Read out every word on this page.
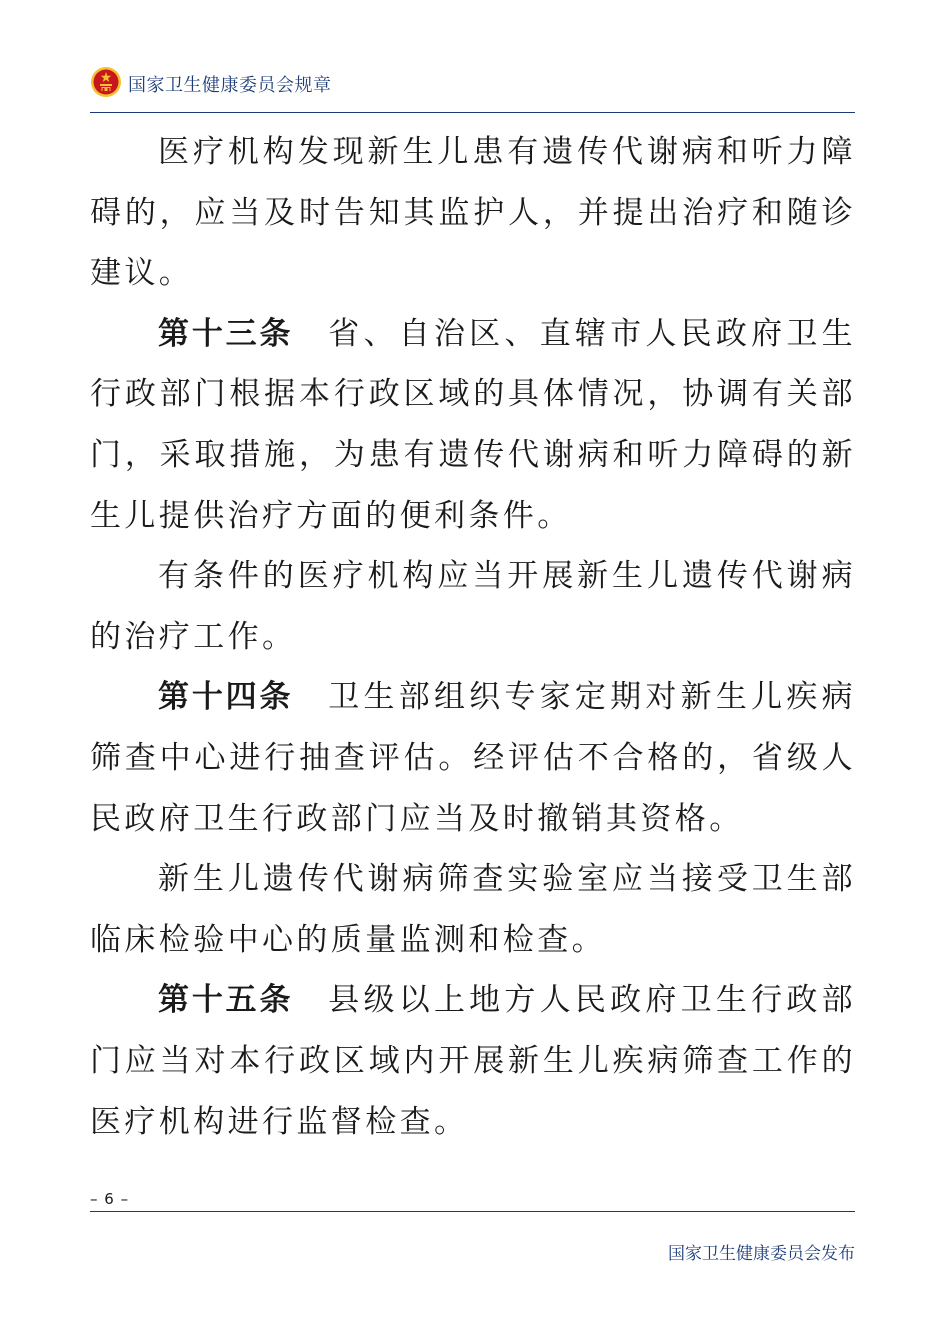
国家卫生健康委员会规章

医疗机构发现新生儿患有遗传代谢病和听力障碍的，应当及时告知其监护人，并提出治疗和随诊建议。

第十三条 省、自治区、直辖市人民政府卫生行政部门根据本行政区域的具体情况，协调有关部门，采取措施，为患有遗传代谢病和听力障碍的新生儿提供治疗方面的便利条件。

有条件的医疗机构应当开展新生儿遗传代谢病的治疗工作。

第十四条 卫生部组织专家定期对新生儿疾病筛查中心进行抽查评估。经评估不合格的，省级人民政府卫生行政部门应当及时撤销其资格。

新生儿遗传代谢病筛查实验室应当接受卫生部临床检验中心的质量监测和检查。

第十五条 县级以上地方人民政府卫生行政部门应当对本行政区域内开展新生儿疾病筛查工作的医疗机构进行监督检查。

– 6 –
国家卫生健康委员会发布
